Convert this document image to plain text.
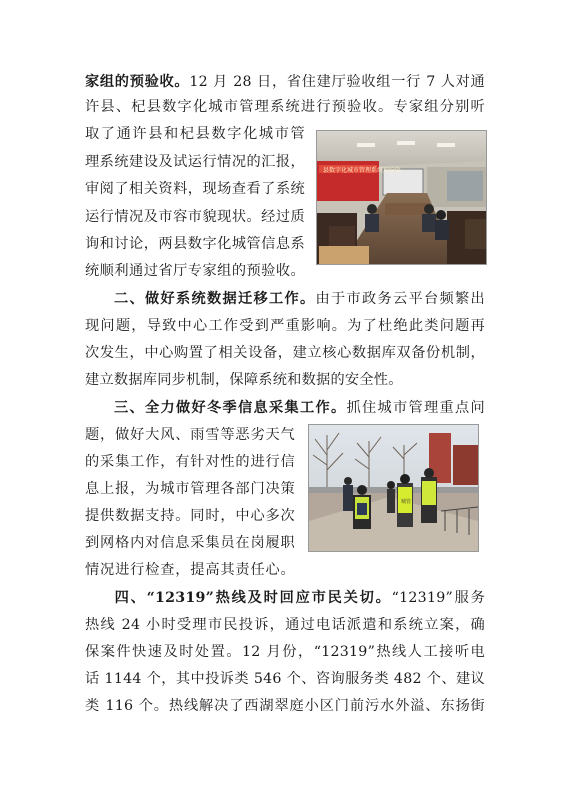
家组的预验收。12 月 28 日，省住建厅验收组一行 7 人对通
许县、杞县数字化城市管理系统进行预验收。专家组分别听
取了通许县和杞县数字化城市管
理系统建设及试运行情况的汇报，
审阅了相关资料，现场查看了系统
运行情况及市容市貌现状。经过质
询和讨论，两县数字化城管信息系
统顺利通过省厅专家组的预验收。
县数字化城市管理系统预验收
二、做好系统数据迁移工作。由于市政务云平台频繁出
现问题，导致中心工作受到严重影响。为了杜绝此类问题再
次发生，中心购置了相关设备，建立核心数据库双备份机制，
建立数据库同步机制，保障系统和数据的安全性。
三、全力做好冬季信息采集工作。抓住城市管理重点问
题，做好大风、雨雪等恶劣天气
的采集工作，有针对性的进行信
息上报，为城市管理各部门决策
提供数据支持。同时，中心多次
到网格内对信息采集员在岗履职
情况进行检查，提高其责任心。
城管
四、“12319”热线及时回应市民关切。“12319”服务
热线 24 小时受理市民投诉，通过电话派遣和系统立案，确
保案件快速及时处置。12 月份，“12319”热线人工接听电
话 1144 个，其中投诉类 546 个、咨询服务类 482 个、建议
类 116 个。热线解决了西湖翠庭小区门前污水外溢、东扬街
